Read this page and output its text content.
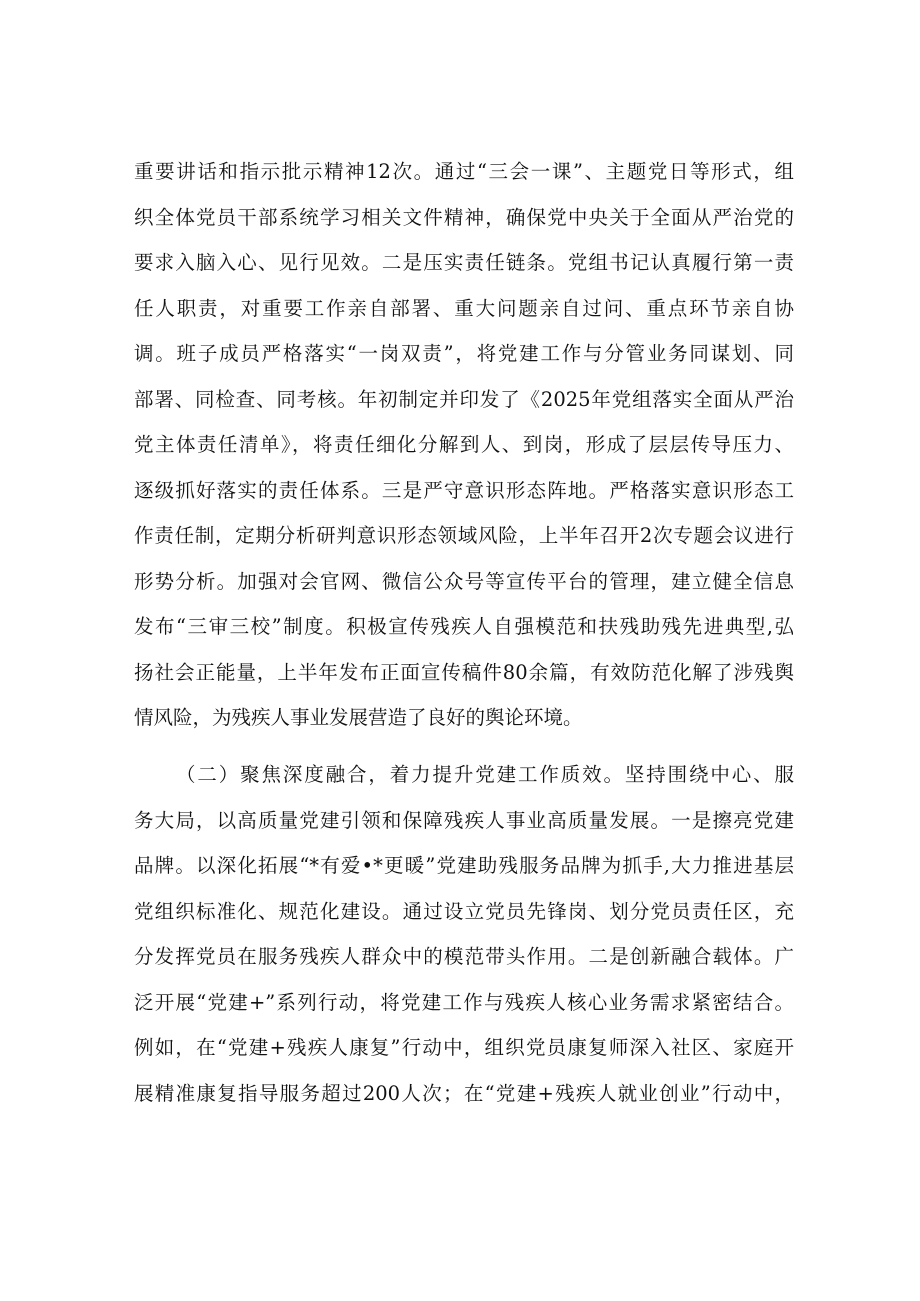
重要讲话和指示批示精神12次。通过“三会一课”、主题党日等形式，组
织全体党员干部系统学习相关文件精神，确保党中央关于全面从严治党的
要求入脑入心、见行见效。二是压实责任链条。党组书记认真履行第一责
任人职责，对重要工作亲自部署、重大问题亲自过问、重点环节亲自协
调。班子成员严格落实“一岗双责”，将党建工作与分管业务同谋划、同
部署、同检查、同考核。年初制定并印发了《2025年党组落实全面从严治
党主体责任清单》，将责任细化分解到人、到岗，形成了层层传导压力、
逐级抓好落实的责任体系。三是严守意识形态阵地。严格落实意识形态工
作责任制，定期分析研判意识形态领域风险，上半年召开2次专题会议进行
形势分析。加强对会官网、微信公众号等宣传平台的管理，建立健全信息
发布“三审三校”制度。积极宣传残疾人自强模范和扶残助残先进典型,弘
扬社会正能量，上半年发布正面宣传稿件80余篇，有效防范化解了涉残舆
情风险，为残疾人事业发展营造了良好的舆论环境。
（二）聚焦深度融合，着力提升党建工作质效。坚持围绕中心、服
务大局，以高质量党建引领和保障残疾人事业高质量发展。一是擦亮党建
品牌。以深化拓展“*有爱•*更暖”党建助残服务品牌为抓手,大力推进基层
党组织标准化、规范化建设。通过设立党员先锋岗、划分党员责任区，充
分发挥党员在服务残疾人群众中的模范带头作用。二是创新融合载体。广
泛开展“党建+”系列行动，将党建工作与残疾人核心业务需求紧密结合。
例如，在“党建+残疾人康复”行动中，组织党员康复师深入社区、家庭开
展精准康复指导服务超过200人次；在“党建+残疾人就业创业”行动中，
